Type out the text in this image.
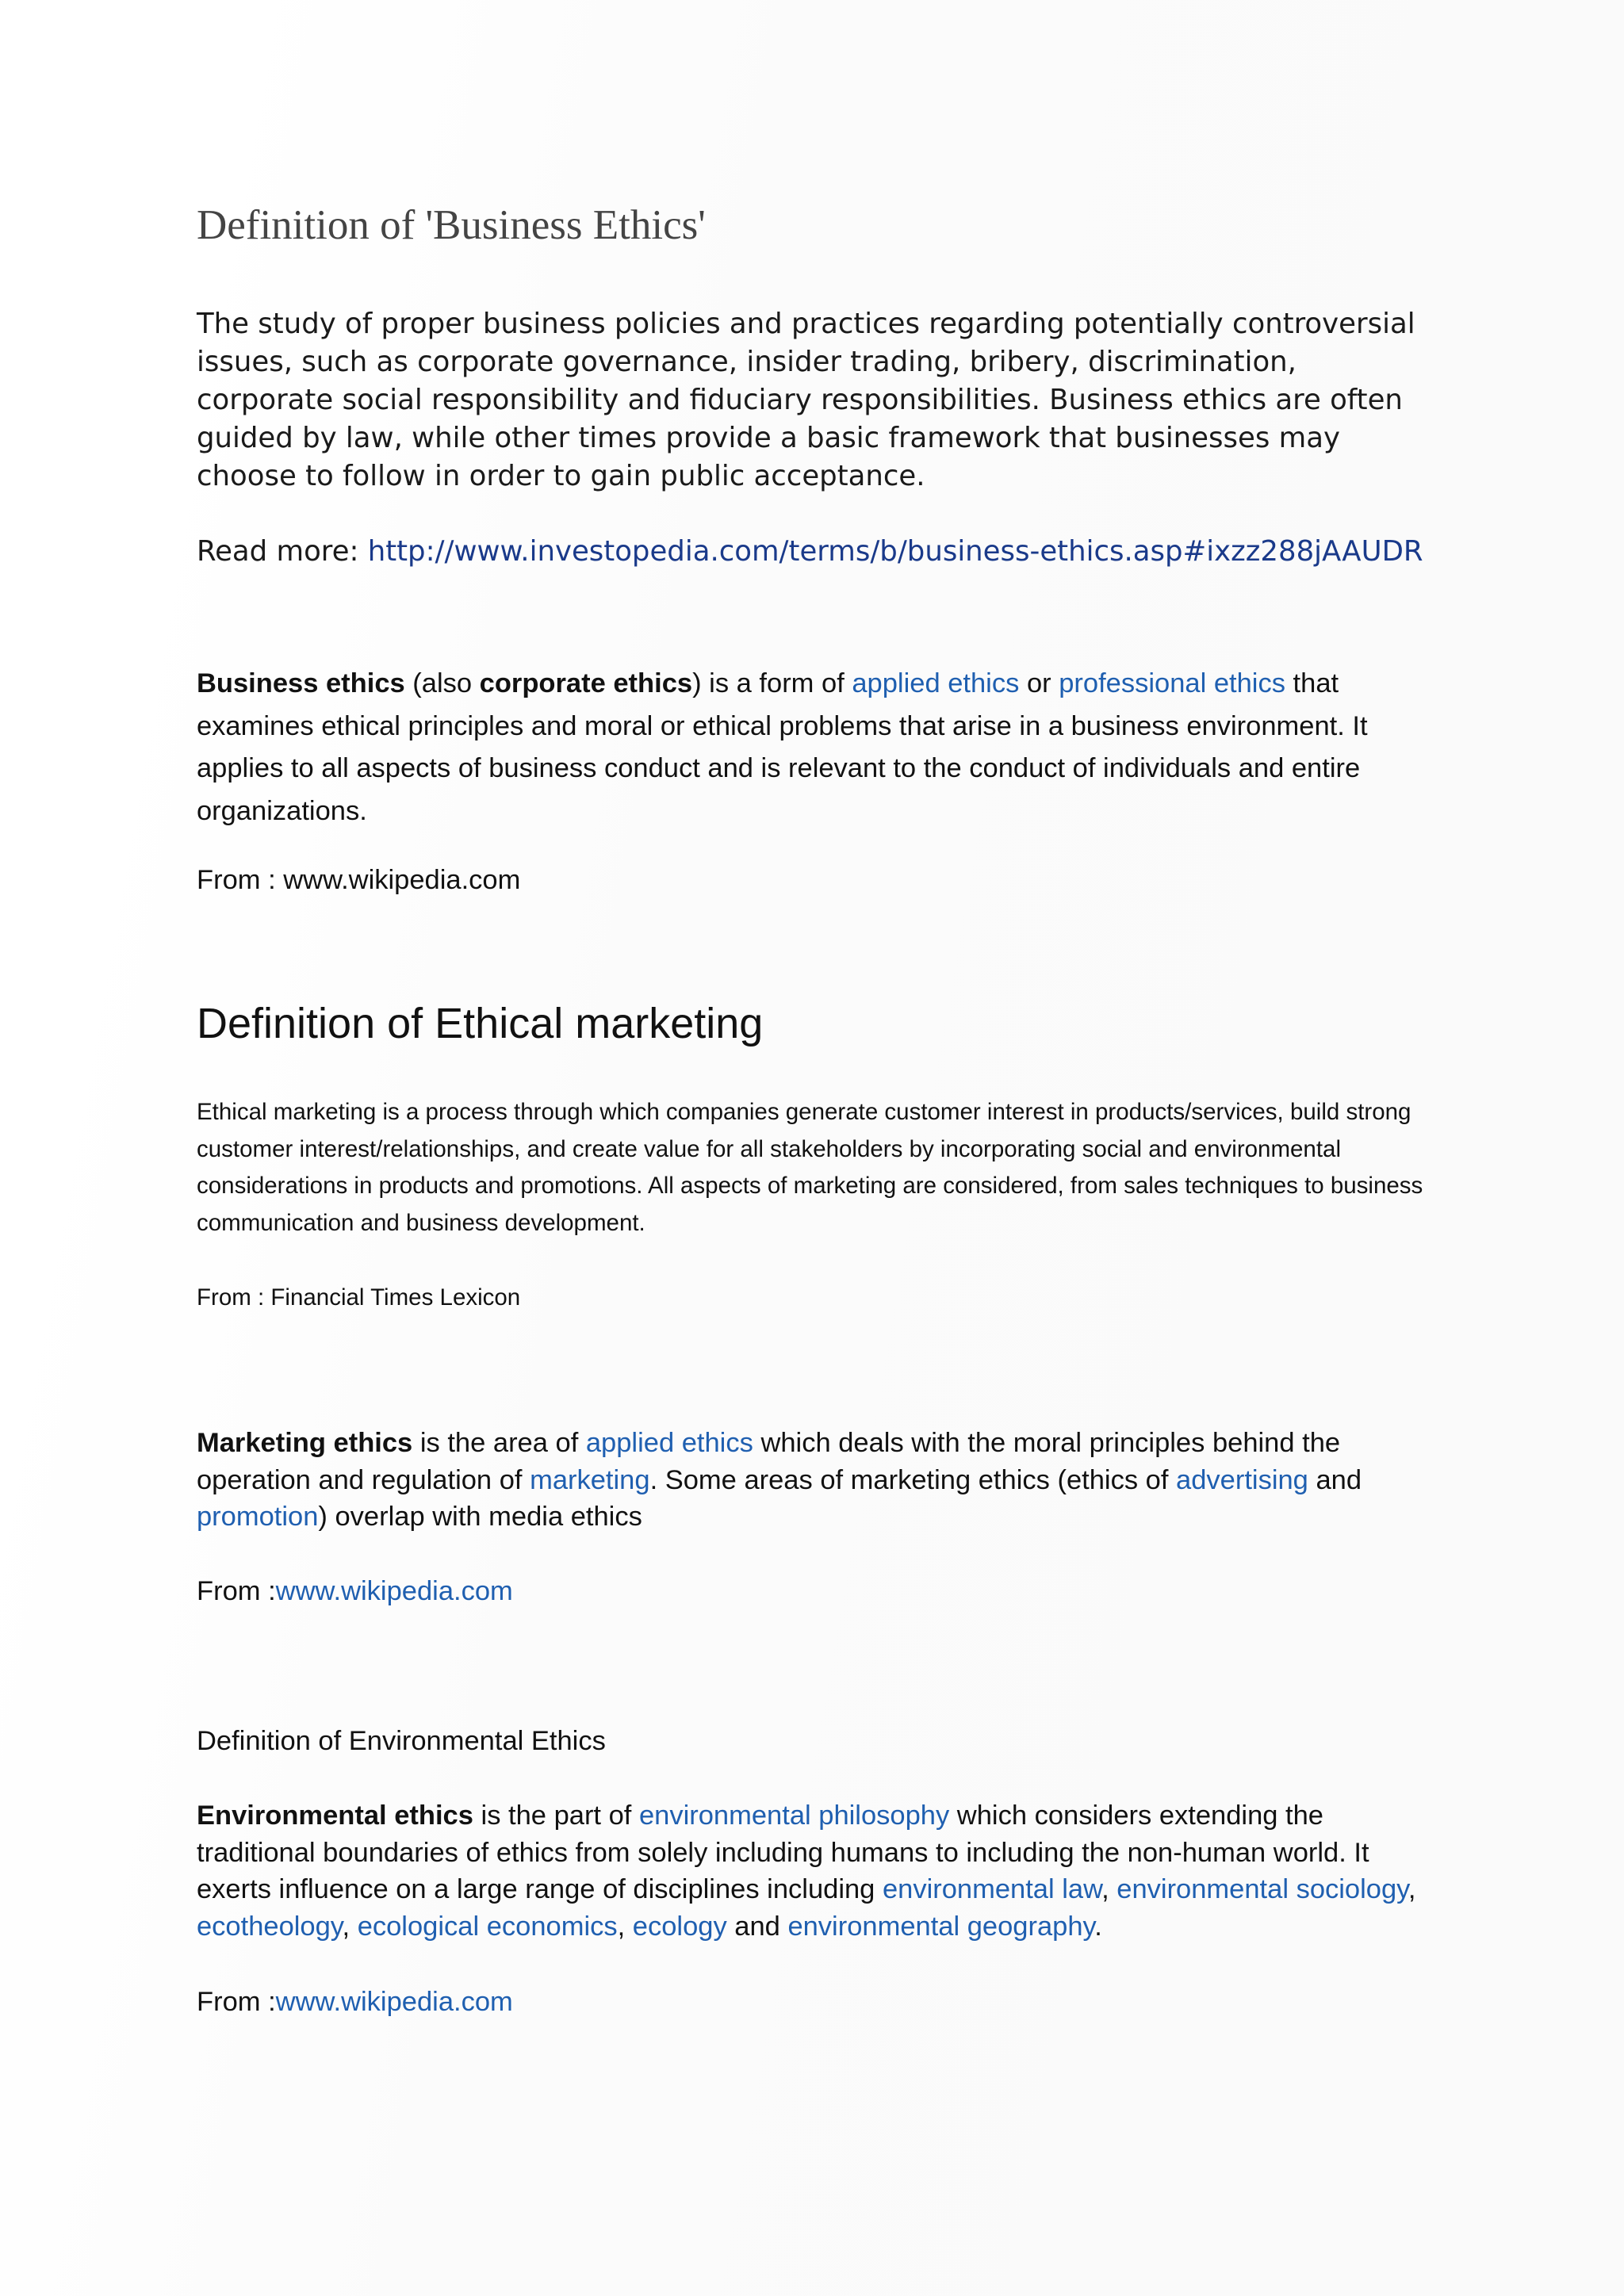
Definition of 'Business Ethics'

The study of proper business policies and practices regarding potentially controversial issues, such as corporate governance, insider trading, bribery, discrimination, corporate social responsibility and fiduciary responsibilities. Business ethics are often guided by law, while other times provide a basic framework that businesses may choose to follow in order to gain public acceptance.

Read more: http://www.investopedia.com/terms/b/business-ethics.asp#ixzz288jAAUDR

Business ethics (also corporate ethics) is a form of applied ethics or professional ethics that examines ethical principles and moral or ethical problems that arise in a business environment. It applies to all aspects of business conduct and is relevant to the conduct of individuals and entire organizations.

From : www.wikipedia.com

Definition of Ethical marketing

Ethical marketing is a process through which companies generate customer interest in products/services, build strong customer interest/relationships, and create value for all stakeholders by incorporating social and environmental considerations in products and promotions. All aspects of marketing are considered, from sales techniques to business communication and business development.

From : Financial Times Lexicon

Marketing ethics is the area of applied ethics which deals with the moral principles behind the operation and regulation of marketing. Some areas of marketing ethics (ethics of advertising and promotion) overlap with media ethics

From :www.wikipedia.com

Definition of Environmental Ethics

Environmental ethics is the part of environmental philosophy which considers extending the traditional boundaries of ethics from solely including humans to including the non-human world. It exerts influence on a large range of disciplines including environmental law, environmental sociology, ecotheology, ecological economics, ecology and environmental geography.

From :www.wikipedia.com
